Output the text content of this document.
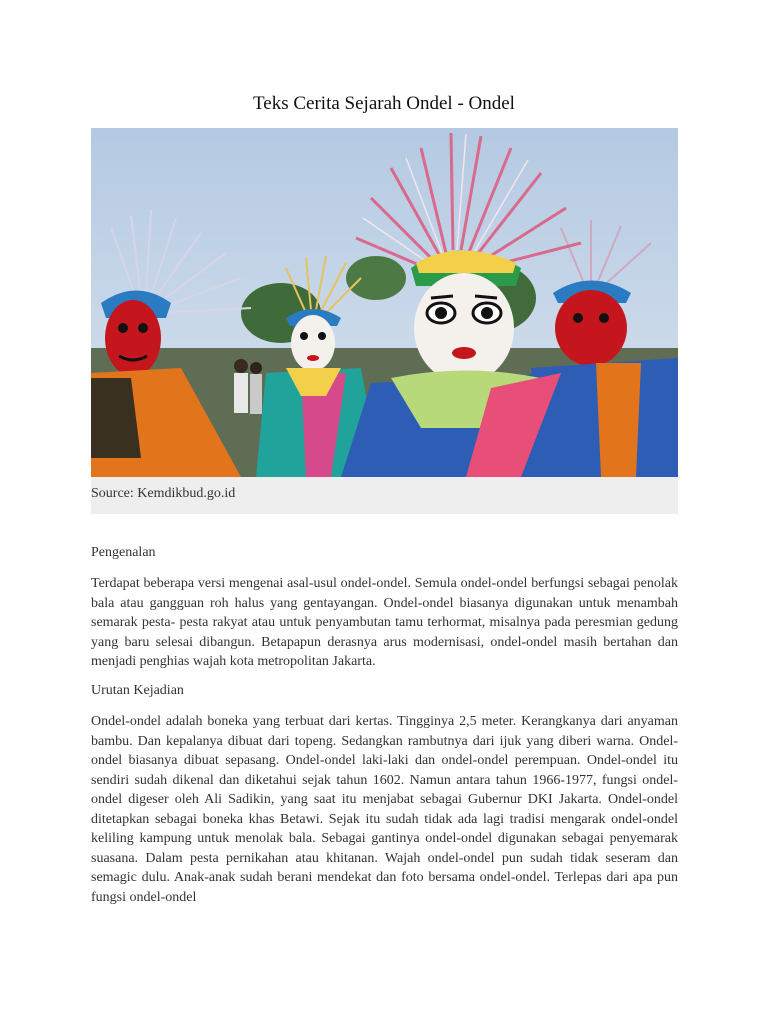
Teks Cerita Sejarah Ondel - Ondel
Source: Kemdikbud.go.id
Pengenalan

Terdapat beberapa versi mengenai asal-usul ondel-ondel. Semula ondel-ondel berfungsi sebagai penolak bala atau gangguan roh halus yang gentayangan. Ondel-ondel biasanya digunakan untuk menambah semarak pesta- pesta rakyat atau untuk penyambutan tamu terhormat, misalnya pada peresmian gedung yang baru selesai dibangun. Betapapun derasnya arus modernisasi, ondel-ondel masih bertahan dan menjadi penghias wajah kota metropolitan Jakarta.

Urutan Kejadian

Ondel-ondel adalah boneka yang terbuat dari kertas. Tingginya 2,5 meter. Kerangkanya dari anyaman bambu. Dan kepalanya dibuat dari topeng. Sedangkan rambutnya dari ijuk yang diberi warna. Ondel-ondel biasanya dibuat sepasang. Ondel-ondel laki-laki dan ondel-ondel perempuan. Ondel-ondel itu sendiri sudah dikenal dan diketahui sejak tahun 1602. Namun antara tahun 1966-1977, fungsi ondel-ondel digeser oleh Ali Sadikin, yang saat itu menjabat sebagai Gubernur DKI Jakarta. Ondel-ondel ditetapkan sebagai boneka khas Betawi. Sejak itu sudah tidak ada lagi tradisi mengarak ondel-ondel keliling kampung untuk menolak bala. Sebagai gantinya ondel-ondel digunakan sebagai penyemarak suasana. Dalam pesta pernikahan atau khitanan. Wajah ondel-ondel pun sudah tidak seseram dan semagic dulu. Anak-anak sudah berani mendekat dan foto bersama ondel-ondel. Terlepas dari apa pun fungsi ondel-ondel
